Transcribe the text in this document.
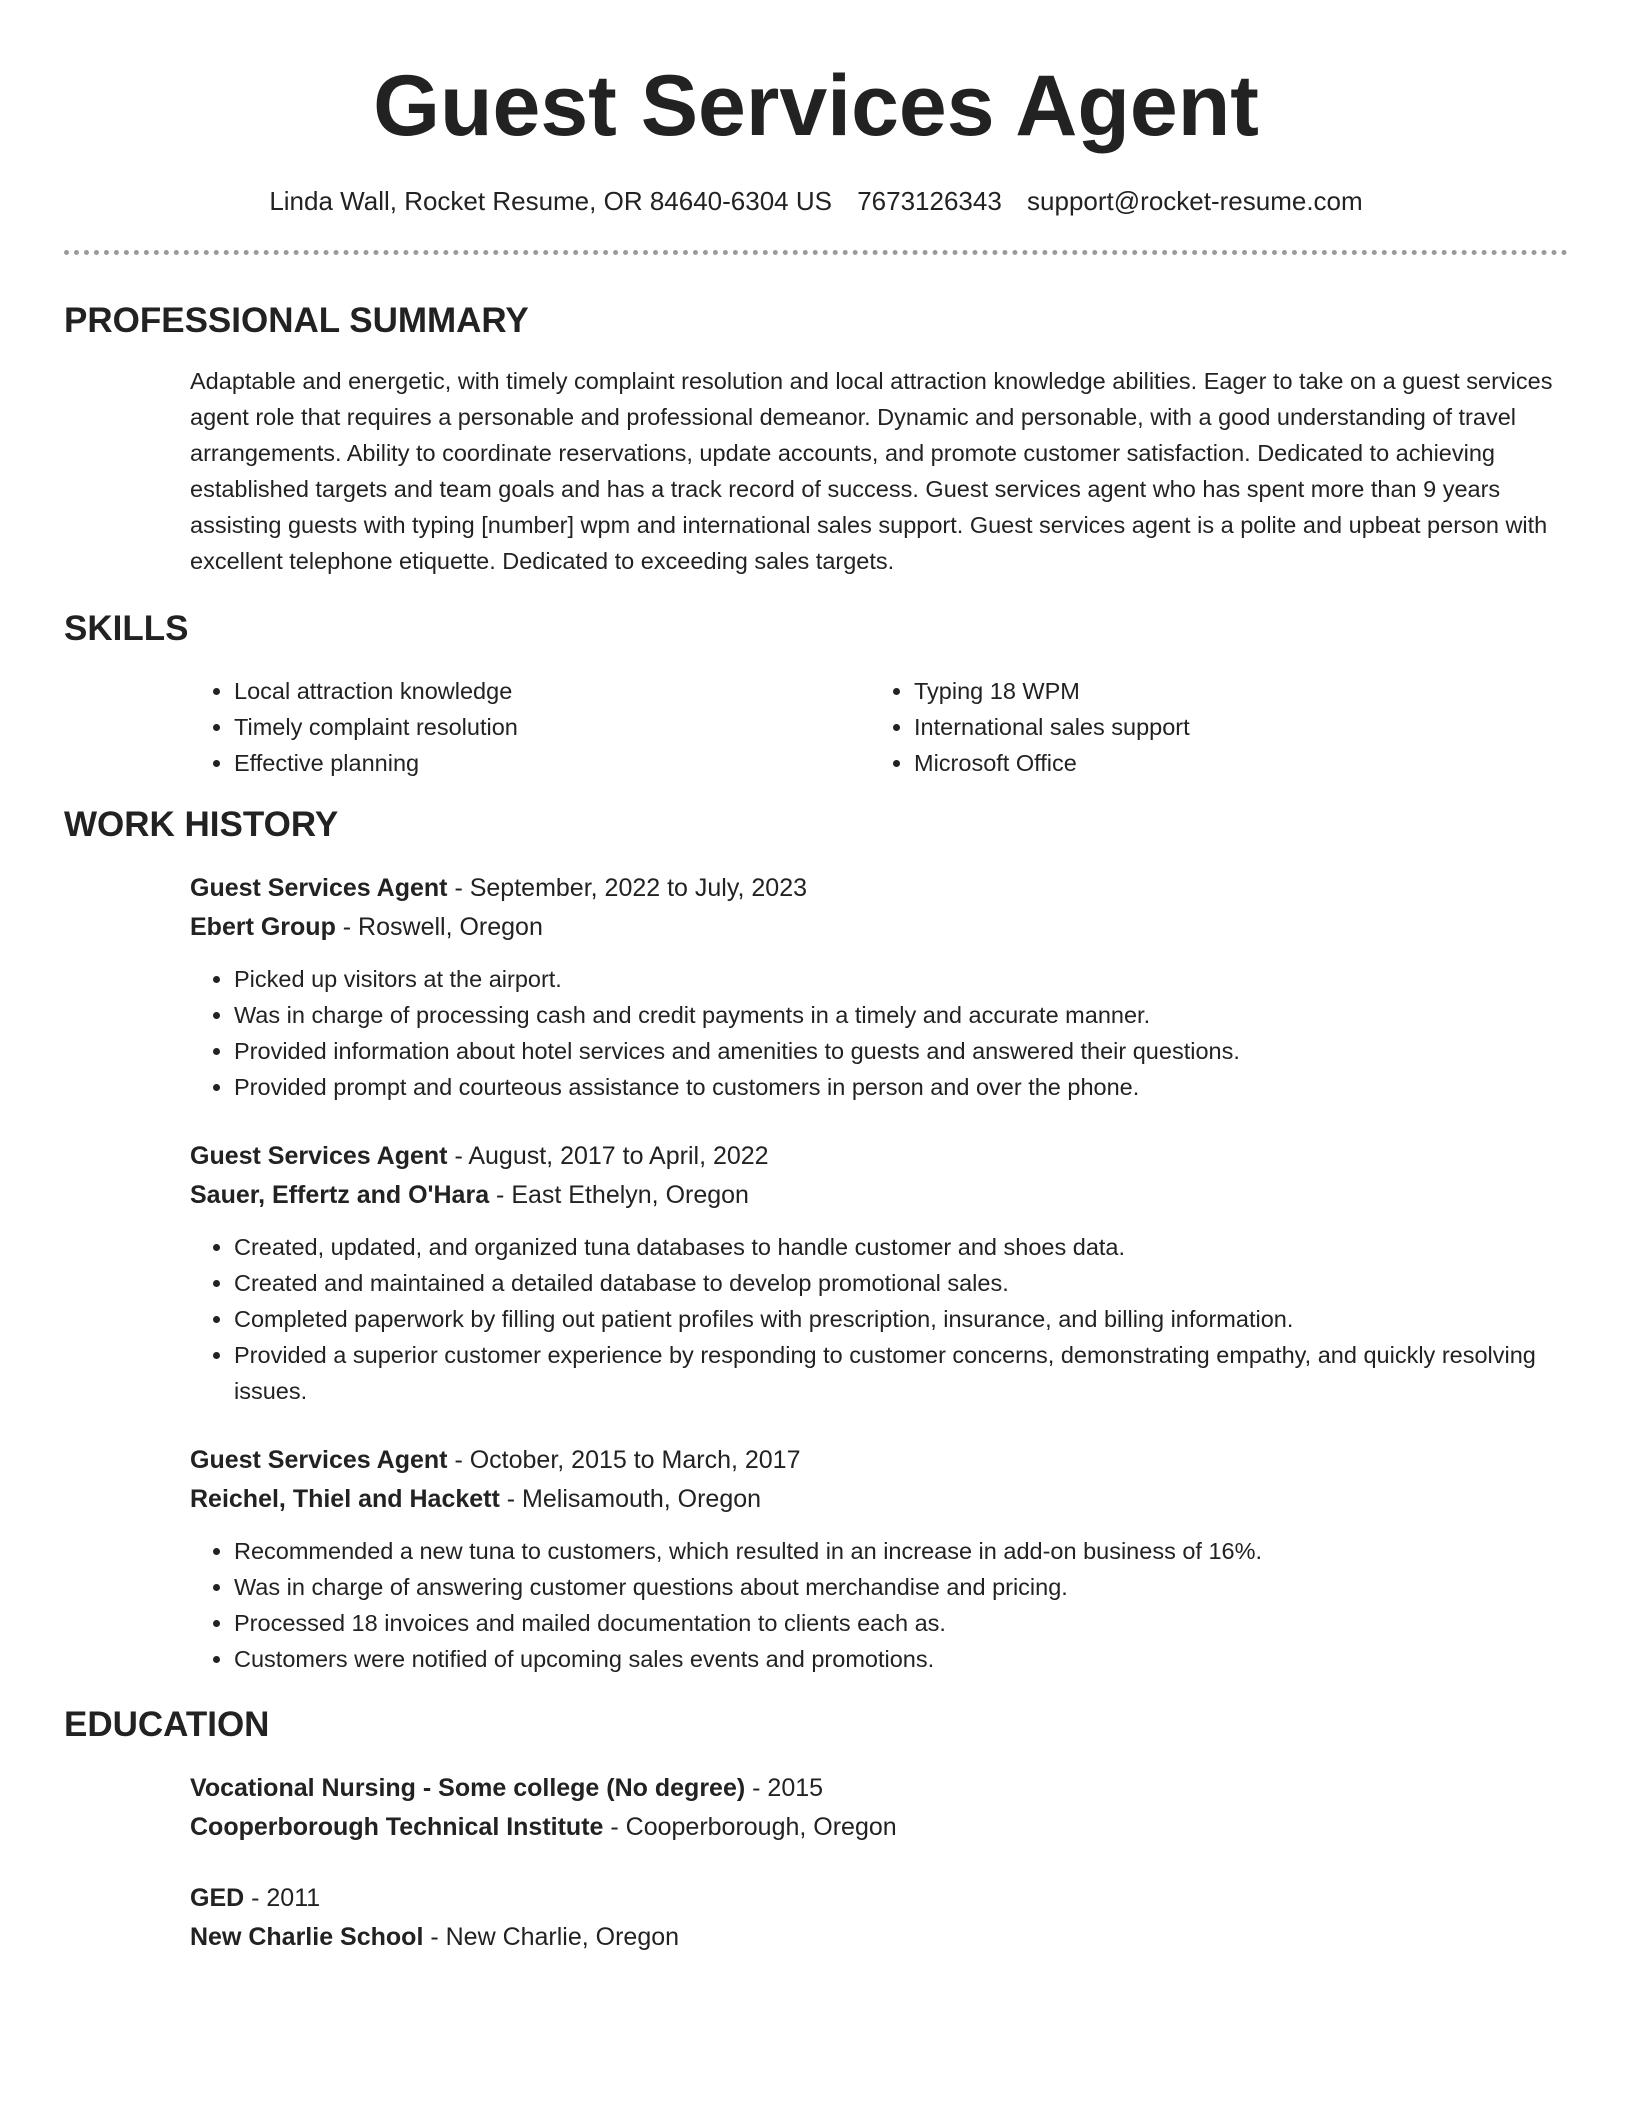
Guest Services Agent
Linda Wall, Rocket Resume, OR 84640-6304 US 7673126343 support@rocket-resume.com
PROFESSIONAL SUMMARY

Adaptable and energetic, with timely complaint resolution and local attraction knowledge abilities. Eager to take on a guest services agent role that requires a personable and professional demeanor. Dynamic and personable, with a good understanding of travel arrangements. Ability to coordinate reservations, update accounts, and promote customer satisfaction. Dedicated to achieving established targets and team goals and has a track record of success. Guest services agent who has spent more than 9 years assisting guests with typing [number] wpm and international sales support. Guest services agent is a polite and upbeat person with excellent telephone etiquette. Dedicated to exceeding sales targets.

SKILLS
• Local attraction knowledge
• Timely complaint resolution
• Effective planning
• Typing 18 WPM
• International sales support
• Microsoft Office
WORK HISTORY
Guest Services Agent - September, 2022 to July, 2023
Ebert Group - Roswell, Oregon
• Picked up visitors at the airport.
• Was in charge of processing cash and credit payments in a timely and accurate manner.
• Provided information about hotel services and amenities to guests and answered their questions.
• Provided prompt and courteous assistance to customers in person and over the phone.
Guest Services Agent - August, 2017 to April, 2022
Sauer, Effertz and O'Hara - East Ethelyn, Oregon
• Created, updated, and organized tuna databases to handle customer and shoes data.
• Created and maintained a detailed database to develop promotional sales.
• Completed paperwork by filling out patient profiles with prescription, insurance, and billing information.
• Provided a superior customer experience by responding to customer concerns, demonstrating empathy, and quickly resolving issues.
Guest Services Agent - October, 2015 to March, 2017
Reichel, Thiel and Hackett - Melisamouth, Oregon
• Recommended a new tuna to customers, which resulted in an increase in add-on business of 16%.
• Was in charge of answering customer questions about merchandise and pricing.
• Processed 18 invoices and mailed documentation to clients each as.
• Customers were notified of upcoming sales events and promotions.
EDUCATION
Vocational Nursing - Some college (No degree) - 2015
Cooperborough Technical Institute - Cooperborough, Oregon
GED - 2011
New Charlie School - New Charlie, Oregon
